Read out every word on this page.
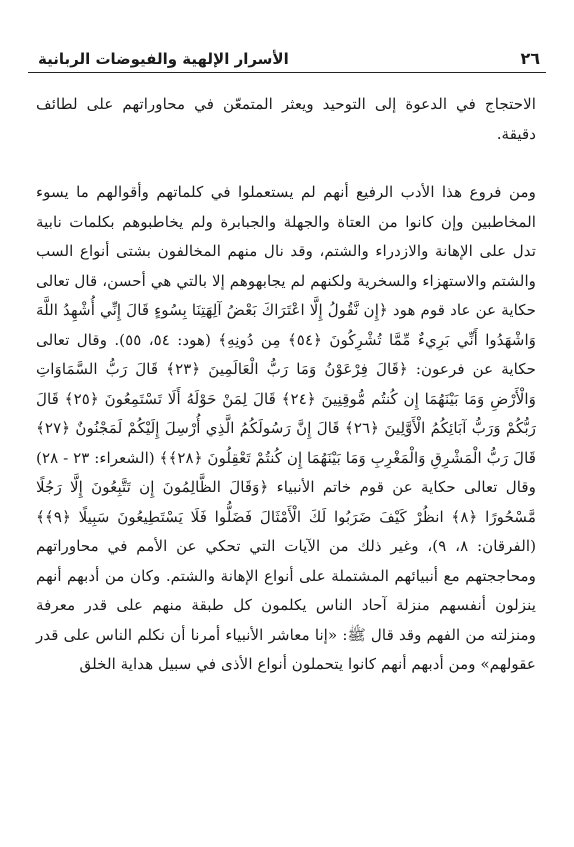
٢٦
الأسرار الإلهية والفيوضات الربانية

الاحتجاج في الدعوة إلى التوحيد ويعثر المتمعّن في محاوراتهم على لطائف دقيقة.

ومن فروع هذا الأدب الرفيع أنهم لم يستعملوا في كلماتهم وأقوالهم ما يسوء المخاطبين وإن كانوا من العتاة والجهلة والجبابرة ولم يخاطبوهم بكلمات نابية تدل على الإهانة والازدراء والشتم، وقد نال منهم المخالفون بشتى أنواع السب والشتم والاستهزاء والسخرية ولكنهم لم يجابهوهم إلا بالتي هي أحسن، قال تعالى حكاية عن عاد قوم هود ﴿إِن نَّقُولُ إِلَّا اعْتَرَاكَ بَعْضُ آلِهَتِنَا بِسُوءٍ قَالَ إِنِّي أُشْهِدُ اللَّهَ وَاشْهَدُوا أَنِّي بَرِيءٌ مِّمَّا تُشْرِكُونَ ﴿٥٤﴾ مِن دُونِهِ﴾ (هود: ٥٤، ٥٥). وقال تعالى حكاية عن فرعون: ﴿قَالَ فِرْعَوْنُ وَمَا رَبُّ الْعَالَمِينَ ﴿٢٣﴾ قَالَ رَبُّ السَّمَاوَاتِ وَالْأَرْضِ وَمَا بَيْنَهُمَا إِن كُنتُم مُّوقِنِينَ ﴿٢٤﴾ قَالَ لِمَنْ حَوْلَهُ أَلَا تَسْتَمِعُونَ ﴿٢٥﴾ قَالَ رَبُّكُمْ وَرَبُّ آبَائِكُمُ الْأَوَّلِينَ ﴿٢٦﴾ قَالَ إِنَّ رَسُولَكُمُ الَّذِي أُرْسِلَ إِلَيْكُمْ لَمَجْنُونٌ ﴿٢٧﴾ قَالَ رَبُّ الْمَشْرِقِ وَالْمَغْرِبِ وَمَا بَيْنَهُمَا إِن كُنتُمْ تَعْقِلُونَ ﴿٢٨﴾﴾ (الشعراء: ٢٣ - ٢٨) وقال تعالى حكاية عن قوم خاتم الأنبياء ﴿وَقَالَ الظَّالِمُونَ إِن تَتَّبِعُونَ إِلَّا رَجُلًا مَّسْحُورًا ﴿٨﴾ انظُرْ كَيْفَ ضَرَبُوا لَكَ الْأَمْثَالَ فَضَلُّوا فَلَا يَسْتَطِيعُونَ سَبِيلًا ﴿٩﴾﴾ (الفرقان: ٨، ٩)، وغير ذلك من الآيات التي تحكي عن الأمم في محاوراتهم ومحاججتهم مع أنبيائهم المشتملة على أنواع الإهانة والشتم. وكان من أدبهم أنهم ينزلون أنفسهم منزلة آحاد الناس يكلمون كل طبقة منهم على قدر معرفة ومنزلته من الفهم وقد قال ﷺ: «إنا معاشر الأنبياء أمرنا أن نكلم الناس على قدر عقولهم» ومن أدبهم أنهم كانوا يتحملون أنواع الأذى في سبيل هداية الخلق
